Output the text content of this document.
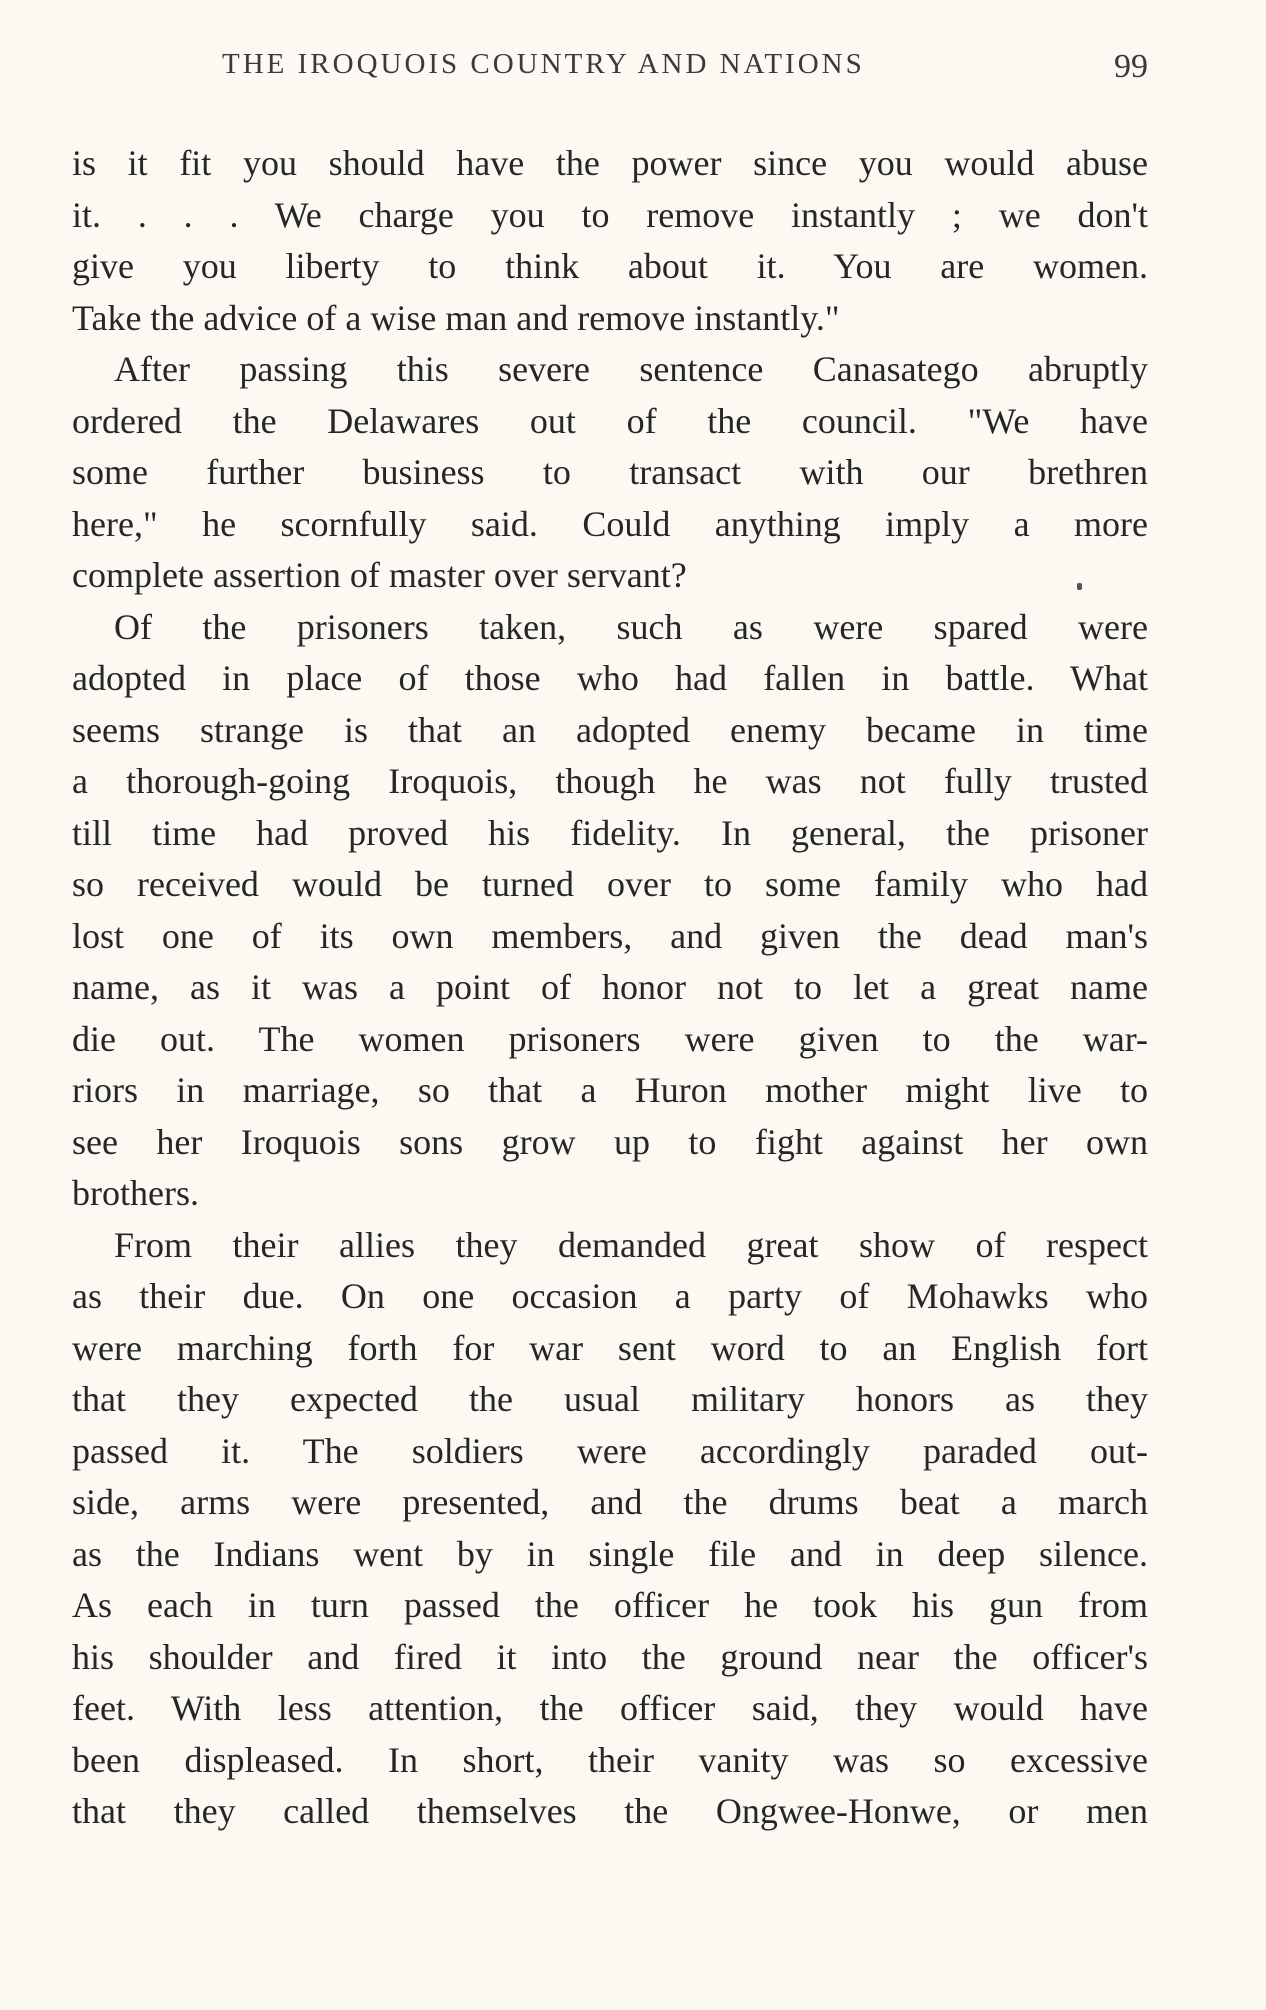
THE IROQUOIS COUNTRY AND NATIONS	99
is it fit you should have the power since you would abuse
it. . . . We charge you to remove instantly ; we don't
give you liberty to think about it. You are women.
Take the advice of a wise man and remove instantly."
After passing this severe sentence Canasatego abruptly
ordered the Delawares out of the council. "We have
some further business to transact with our brethren
here," he scornfully said. Could anything imply a more
complete assertion of master over servant?
Of the prisoners taken, such as were spared were
adopted in place of those who had fallen in battle. What
seems strange is that an adopted enemy became in time
a thorough-going Iroquois, though he was not fully trusted
till time had proved his fidelity. In general, the prisoner
so received would be turned over to some family who had
lost one of its own members, and given the dead man's
name, as it was a point of honor not to let a great name
die out. The women prisoners were given to the war-
riors in marriage, so that a Huron mother might live to
see her Iroquois sons grow up to fight against her own
brothers.
From their allies they demanded great show of respect
as their due. On one occasion a party of Mohawks who
were marching forth for war sent word to an English fort
that they expected the usual military honors as they
passed it. The soldiers were accordingly paraded out-
side, arms were presented, and the drums beat a march
as the Indians went by in single file and in deep silence.
As each in turn passed the officer he took his gun from
his shoulder and fired it into the ground near the officer's
feet. With less attention, the officer said, they would have
been displeased. In short, their vanity was so excessive
that they called themselves the Ongwee-Honwe, or men
